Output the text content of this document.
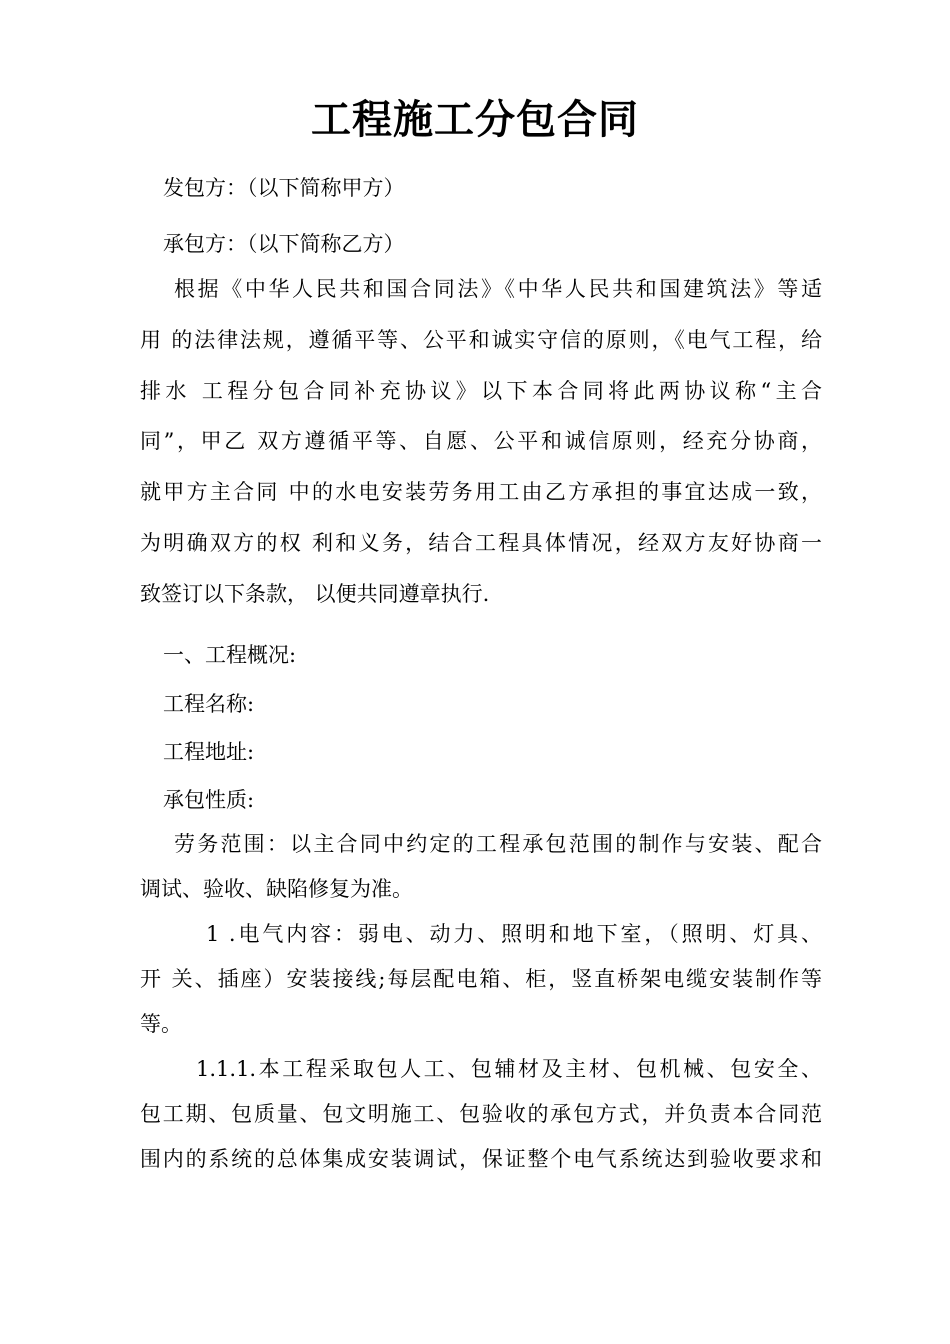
工程施工分包合同
发包方：（以下简称甲方）
承包方：（以下简称乙方）
根据《中华人民共和国合同法》《中华人民共和国建筑法》等适
用 的法律法规，遵循平等、公平和诚实守信的原则，《电气工程，给
排水 工程分包合同补充协议》以下本合同将此两协议称“主合
同”，甲乙 双方遵循平等、自愿、公平和诚信原则，经充分协商，
就甲方主合同 中的水电安装劳务用工由乙方承担的事宜达成一致，
为明确双方的权 利和义务，结合工程具体情况，经双方友好协商一
致签订以下条款， 以便共同遵章执行.
一、工程概况:
工程名称:
工程地址:
承包性质:
劳务范围：以主合同中约定的工程承包范围的制作与安装、配合
调试、验收、缺陷修复为准。
1 .电气内容：弱电、动力、照明和地下室，（照明、灯具、
开 关、插座）安装接线;每层配电箱、柜，竖直桥架电缆安装制作等
等。
1.1.1.本工程采取包人工、包辅材及主材、包机械、包安全、
包工期、包质量、包文明施工、包验收的承包方式，并负责本合同范
围内的系统的总体集成安装调试，保证整个电气系统达到验收要求和
